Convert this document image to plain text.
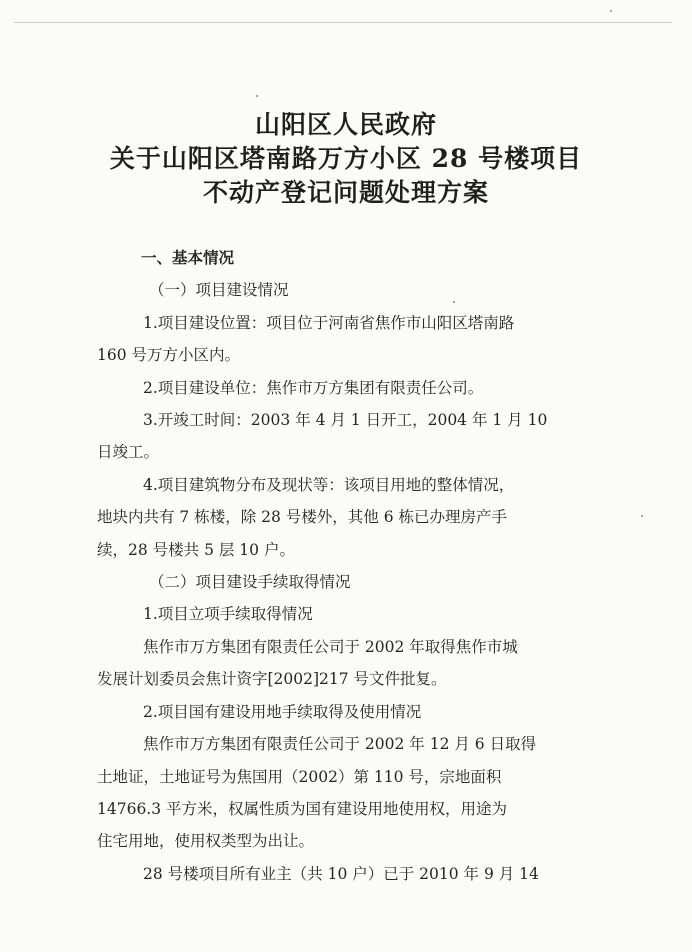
山阳区人民政府
关于山阳区塔南路万方小区 28 号楼项目
不动产登记问题处理方案

一、基本情况

（一）项目建设情况

1.项目建设位置：项目位于河南省焦作市山阳区塔南路

160 号万方小区内。

2.项目建设单位：焦作市万方集团有限责任公司。

3.开竣工时间：2003 年 4 月 1 日开工，2004 年 1 月 10

日竣工。

4.项目建筑物分布及现状等：该项目用地的整体情况，

地块内共有 7 栋楼，除 28 号楼外，其他 6 栋已办理房产手

续，28 号楼共 5 层 10 户。

（二）项目建设手续取得情况

1.项目立项手续取得情况

焦作市万方集团有限责任公司于 2002 年取得焦作市城

发展计划委员会焦计资字[2002]217 号文件批复。

2.项目国有建设用地手续取得及使用情况

焦作市万方集团有限责任公司于 2002 年 12 月 6 日取得

土地证，土地证号为焦国用（2002）第 110 号，宗地面积

14766.3 平方米，权属性质为国有建设用地使用权，用途为

住宅用地，使用权类型为出让。

28 号楼项目所有业主（共 10 户）已于 2010 年 9 月 14
